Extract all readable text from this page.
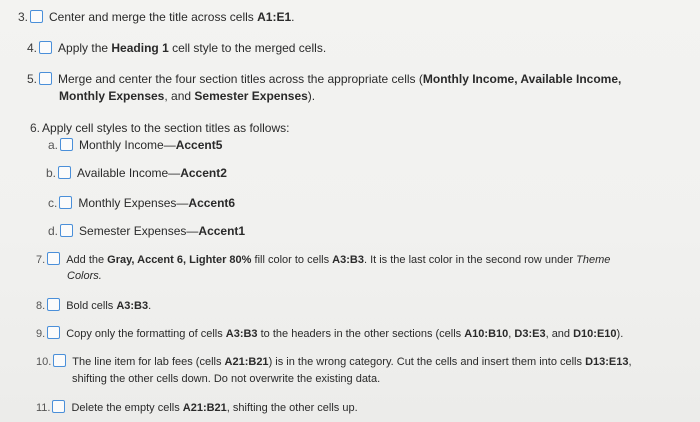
3. Center and merge the title across cells A1:E1.
4. Apply the Heading 1 cell style to the merged cells.
5. Merge and center the four section titles across the appropriate cells (Monthly Income, Available Income,
Monthly Expenses, and Semester Expenses).
6. Apply cell styles to the section titles as follows:
a. Monthly Income—Accent5
b. Available Income—Accent2
c. Monthly Expenses—Accent6
d. Semester Expenses—Accent1
7. Add the Gray, Accent 6, Lighter 80% fill color to cells A3:B3. It is the last color in the second row under Theme
Colors.
8. Bold cells A3:B3.
9. Copy only the formatting of cells A3:B3 to the headers in the other sections (cells A10:B10, D3:E3, and D10:E10).
10. The line item for lab fees (cells A21:B21) is in the wrong category. Cut the cells and insert them into cells D13:E13,
shifting the other cells down. Do not overwrite the existing data.
11. Delete the empty cells A21:B21, shifting the other cells up.
